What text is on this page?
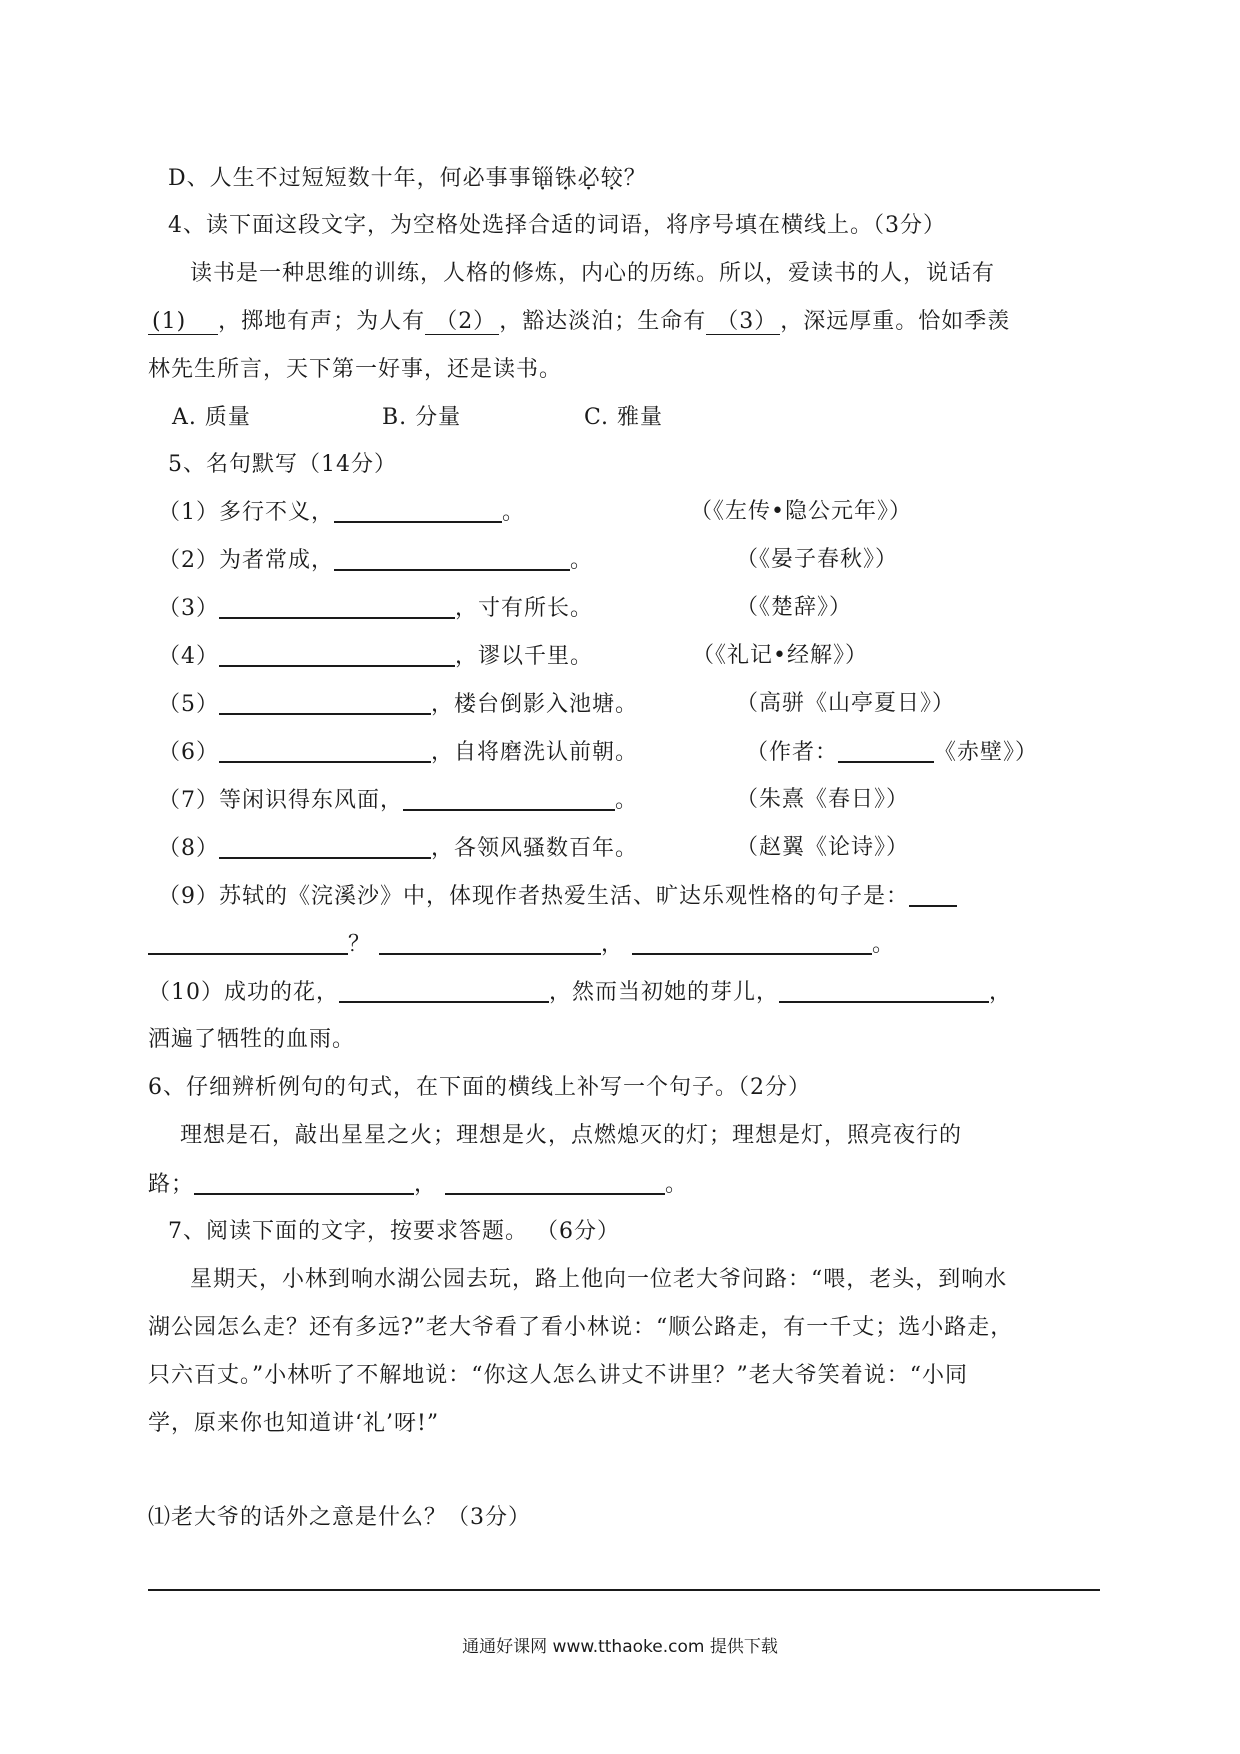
D、人生不过短短数十年，何必事事锱铢必较？
4、读下面这段文字，为空格处选择合适的词语，将序号填在横线上。（3分）
读书是一种思维的训练，人格的修炼，内心的历练。所以，爱读书的人，说话有
(1) ，掷地有声；为人有 （2） ，豁达淡泊；生命有 （3） ，深远厚重。恰如季羡
林先生所言，天下第一好事，还是读书。
A. 质量	B. 分量	C. 雅量
5、名句默写（14分）
（1）多行不义，	。	（《左传•隐公元年》）
（2）为者常成，	。	（《晏子春秋》）
（3）	，寸有所长。	（《楚辞》）
（4）	，谬以千里。	（《礼记•经解》）
（5）	，楼台倒影入池塘。	（高骈《山亭夏日》）
（6）	，自将磨洗认前朝。	（作者：	《赤壁》）
（7）等闲识得东风面，	。	（朱熹《春日》）
（8）	，各领风骚数百年。	（赵翼《论诗》）
（9）苏轼的《浣溪沙》中，体现作者热爱生活、旷达乐观性格的句子是：
？	，	。
（10）成功的花，	，然而当初她的芽儿，	，
洒遍了牺牲的血雨。
6、仔细辨析例句的句式，在下面的横线上补写一个句子。（2分）
理想是石，敲出星星之火；理想是火，点燃熄灭的灯；理想是灯，照亮夜行的
路；	，	。
7、阅读下面的文字，按要求答题。 （6分）
星期天，小林到响水湖公园去玩，路上他向一位老大爷问路：“喂，老头，到响水
湖公园怎么走？还有多远?”老大爷看了看小林说：“顺公路走，有一千丈；选小路走，
只六百丈。”小林听了不解地说：“你这人怎么讲丈不讲里？”老大爷笑着说：“小同
学，原来你也知道讲‘礼’呀!”
⑴老大爷的话外之意是什么？（3分）
通通好课网 www.tthaoke.com 提供下载
